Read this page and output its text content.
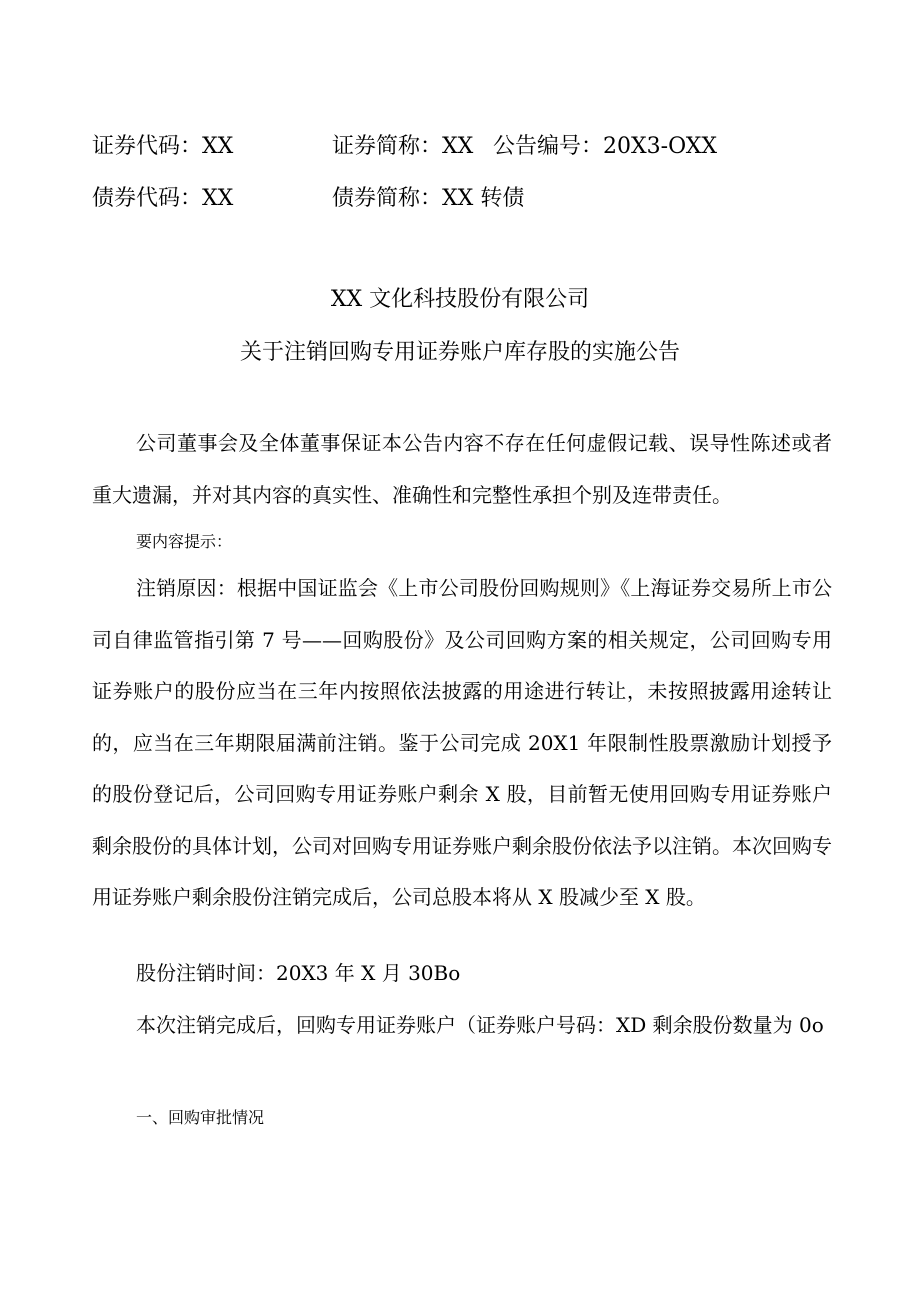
证券代码：XX	证券简称：XX 公告编号：20X3-OXX
债券代码：XX	债券简称：XX 转债
XX 文化科技股份有限公司
关于注销回购专用证券账户库存股的实施公告

公司董事会及全体董事保证本公告内容不存在任何虚假记载、误导性陈述或者重大遗漏，并对其内容的真实性、准确性和完整性承担个别及连带责任。

要内容提示：

注销原因：根据中国证监会《上市公司股份回购规则》《上海证券交易所上市公司自律监管指引第 7 号——回购股份》及公司回购方案的相关规定，公司回购专用证券账户的股份应当在三年内按照依法披露的用途进行转让，未按照披露用途转让的，应当在三年期限届满前注销。鉴于公司完成 20X1 年限制性股票激励计划授予的股份登记后，公司回购专用证券账户剩余 X 股，目前暂无使用回购专用证券账户剩余股份的具体计划，公司对回购专用证券账户剩余股份依法予以注销。本次回购专用证券账户剩余股份注销完成后，公司总股本将从 X 股减少至 X 股。

股份注销时间：20X3 年 X 月 30Bo

本次注销完成后，回购专用证券账户（证券账户号码：XD 剩余股份数量为 0o

一、回购审批情况
